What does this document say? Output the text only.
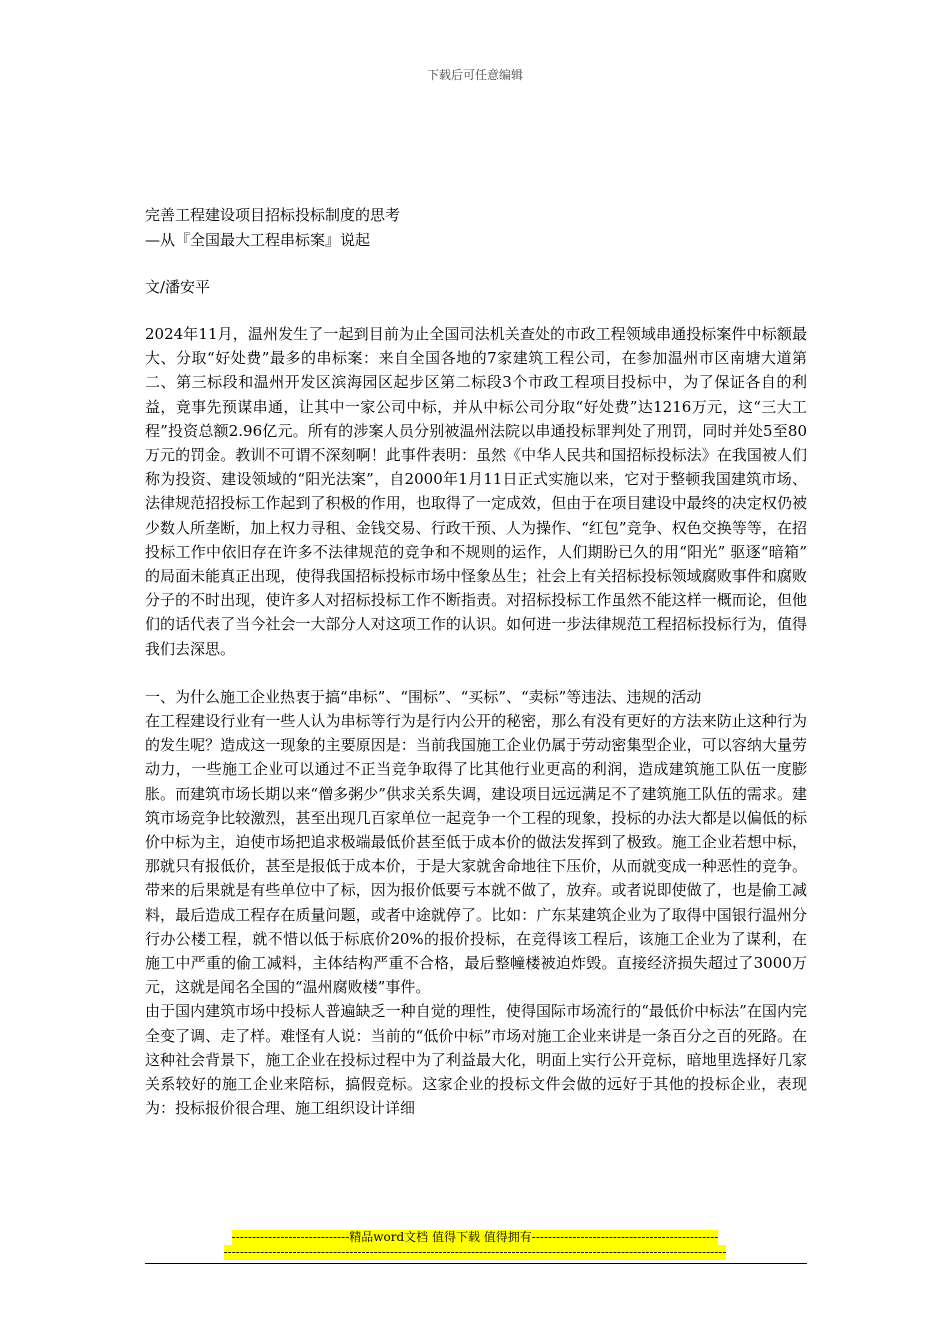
下载后可任意编辑
完善工程建设项目招标投标制度的思考
—从『全国最大工程串标案』说起
文/潘安平

2024年11月，温州发生了一起到目前为止全国司法机关查处的市政工程领域串通投标案件中标额最大、分取“好处费”最多的串标案：来自全国各地的7家建筑工程公司，在参加温州市区南塘大道第二、第三标段和温州开发区滨海园区起步区第二标段3个市政工程项目投标中，为了保证各自的利益，竟事先预谋串通，让其中一家公司中标，并从中标公司分取“好处费”达1216万元，这“三大工程”投资总额2.96亿元。所有的涉案人员分别被温州法院以串通投标罪判处了刑罚，同时并处5至80万元的罚金。教训不可谓不深刻啊！此事件表明：虽然《中华人民共和国招标投标法》在我国被人们称为投资、建设领域的“阳光法案”，自2000年1月11日正式实施以来，它对于整顿我国建筑市场、法律规范招投标工作起到了积极的作用，也取得了一定成效，但由于在项目建设中最终的决定权仍被少数人所垄断，加上权力寻租、金钱交易、行政干预、人为操作、“红包”竞争、权色交换等等，在招投标工作中依旧存在许多不法律规范的竞争和不规则的运作，人们期盼已久的用“阳光” 驱逐“暗箱” 的局面未能真正出现，使得我国招标投标市场中怪象丛生；社会上有关招标投标领域腐败事件和腐败分子的不时出现，使许多人对招标投标工作不断指责。对招标投标工作虽然不能这样一概而论，但他们的话代表了当今社会一大部分人对这项工作的认识。如何进一步法律规范工程招标投标行为，值得我们去深思。

一、为什么施工企业热衷于搞“串标”、“围标”、“买标”、“卖标”等违法、违规的活动

在工程建设行业有一些人认为串标等行为是行内公开的秘密，那么有没有更好的方法来防止这种行为的发生呢？造成这一现象的主要原因是：当前我国施工企业仍属于劳动密集型企业，可以容纳大量劳动力，一些施工企业可以通过不正当竞争取得了比其他行业更高的利润，造成建筑施工队伍一度膨胀。而建筑市场长期以来“僧多粥少”供求关系失调，建设项目远远满足不了建筑施工队伍的需求。建筑市场竞争比较激烈，甚至出现几百家单位一起竞争一个工程的现象，投标的办法大都是以偏低的标价中标为主，迫使市场把追求极端最低价甚至低于成本价的做法发挥到了极致。施工企业若想中标，那就只有报低价，甚至是报低于成本价，于是大家就舍命地往下压价，从而就变成一种恶性的竞争。带来的后果就是有些单位中了标，因为报价低要亏本就不做了，放弃。或者说即使做了，也是偷工减料，最后造成工程存在质量问题，或者中途就停了。比如：广东某建筑企业为了取得中国银行温州分行办公楼工程，就不惜以低于标底价20%的报价投标，在竞得该工程后，该施工企业为了谋利，在施工中严重的偷工减料，主体结构严重不合格，最后整幢楼被迫炸毁。直接经济损失超过了3000万元，这就是闻名全国的“温州腐败楼”事件。

由于国内建筑市场中投标人普遍缺乏一种自觉的理性，使得国际市场流行的“最低价中标法”在国内完全变了调、走了样。难怪有人说：当前的“低价中标”市场对施工企业来讲是一条百分之百的死路。在这种社会背景下，施工企业在投标过程中为了利益最大化，明面上实行公开竞标，暗地里选择好几家关系较好的施工企业来陪标，搞假竞标。这家企业的投标文件会做的远好于其他的投标企业，表现为：投标报价很合理、施工组织设计详细

-----------------------------精品word文档 值得下载 值得拥有----------------------------------------------
----------------------------------------------------------------------------------------------------------------------------
